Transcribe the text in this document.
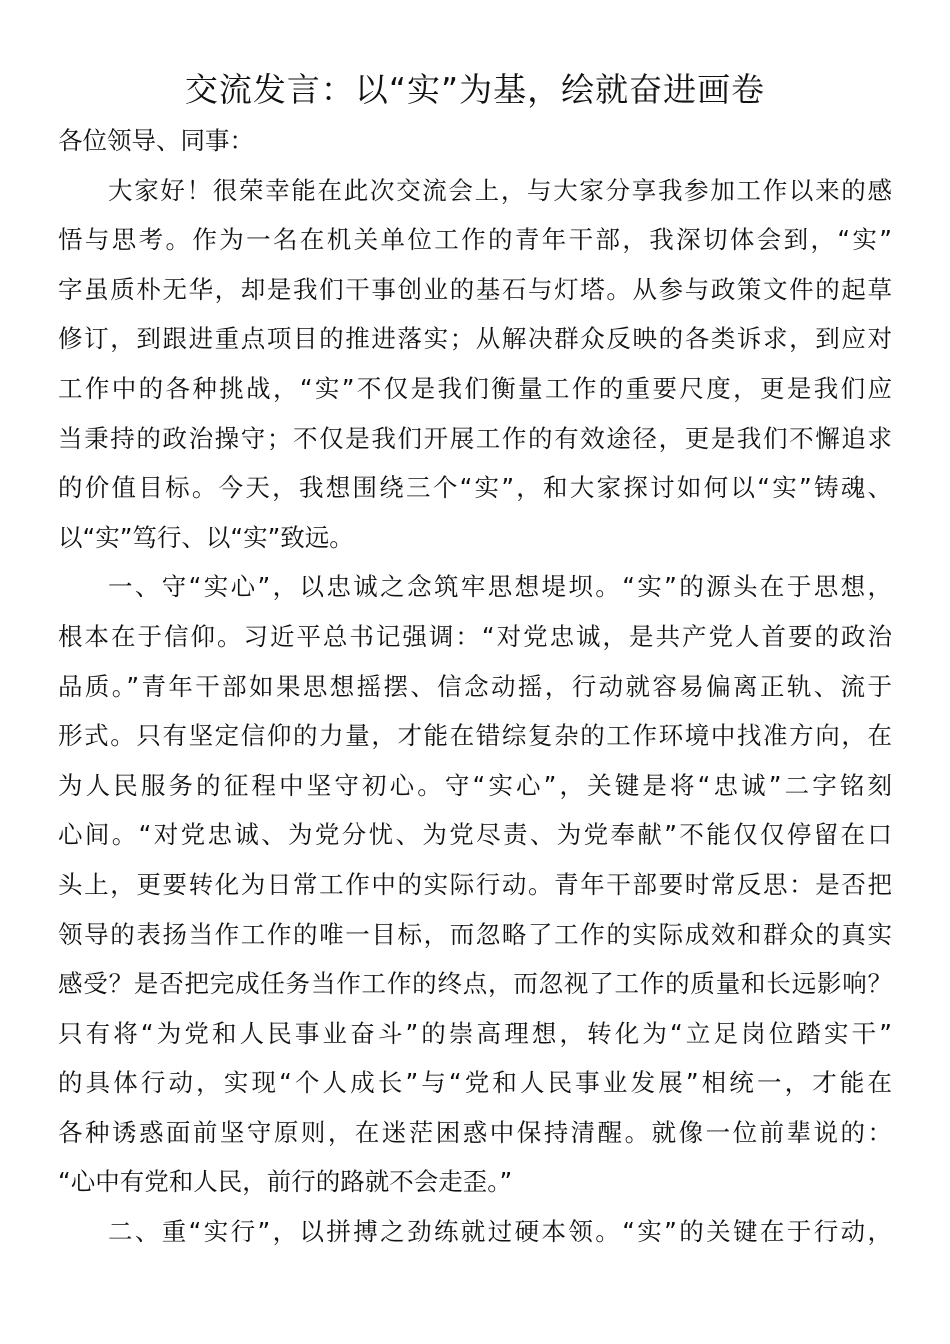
交流发言：以“实”为基，绘就奋进画卷
各位领导、同事：
大家好！很荣幸能在此次交流会上，与大家分享我参加工作以来的感
悟与思考。作为一名在机关单位工作的青年干部，我深切体会到，“实”
字虽质朴无华，却是我们干事创业的基石与灯塔。从参与政策文件的起草
修订，到跟进重点项目的推进落实；从解决群众反映的各类诉求，到应对
工作中的各种挑战，“实”不仅是我们衡量工作的重要尺度，更是我们应
当秉持的政治操守；不仅是我们开展工作的有效途径，更是我们不懈追求
的价值目标。今天，我想围绕三个“实”，和大家探讨如何以“实”铸魂、
以“实”笃行、以“实”致远。
一、守“实心”，以忠诚之念筑牢思想堤坝。“实”的源头在于思想，
根本在于信仰。习近平总书记强调：“对党忠诚，是共产党人首要的政治
品质。”青年干部如果思想摇摆、信念动摇，行动就容易偏离正轨、流于
形式。只有坚定信仰的力量，才能在错综复杂的工作环境中找准方向，在
为人民服务的征程中坚守初心。守“实心”，关键是将“忠诚”二字铭刻
心间。“对党忠诚、为党分忧、为党尽责、为党奉献”不能仅仅停留在口
头上，更要转化为日常工作中的实际行动。青年干部要时常反思：是否把
领导的表扬当作工作的唯一目标，而忽略了工作的实际成效和群众的真实
感受？是否把完成任务当作工作的终点，而忽视了工作的质量和长远影响？
只有将“为党和人民事业奋斗”的崇高理想，转化为“立足岗位踏实干”
的具体行动，实现“个人成长”与“党和人民事业发展”相统一，才能在
各种诱惑面前坚守原则，在迷茫困惑中保持清醒。就像一位前辈说的：
“心中有党和人民，前行的路就不会走歪。”
二、重“实行”，以拼搏之劲练就过硬本领。“实”的关键在于行动，
